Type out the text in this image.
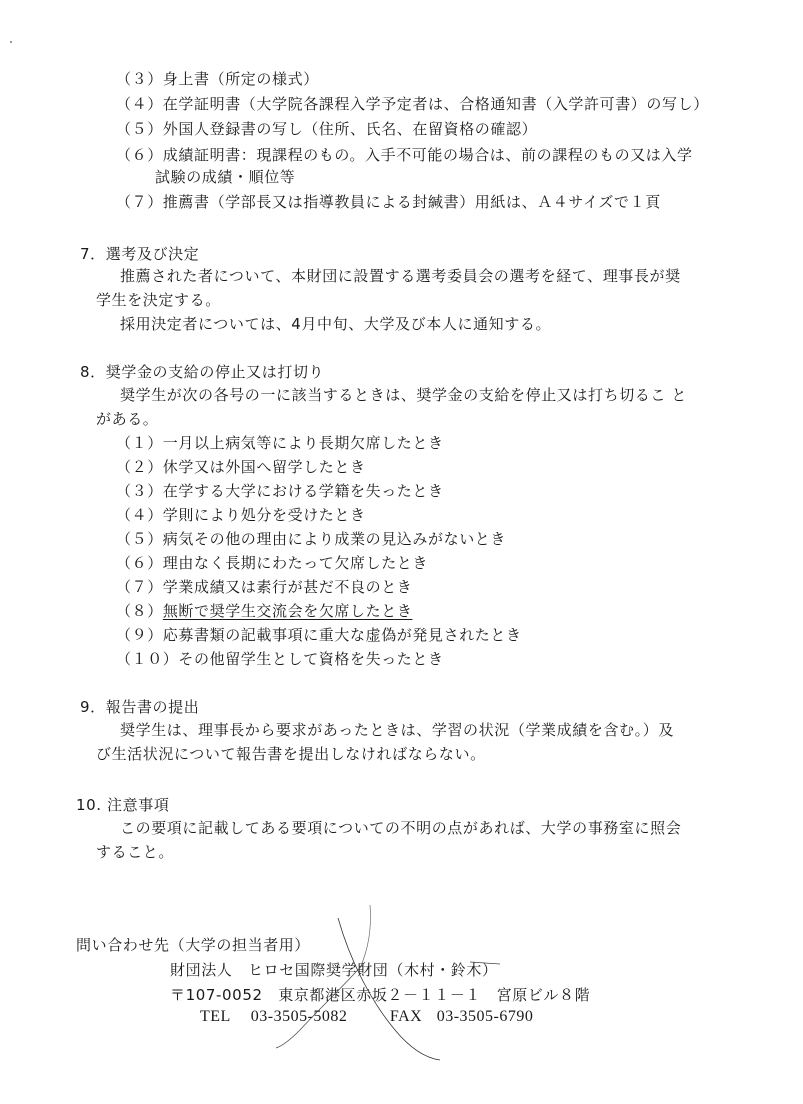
（３）身上書（所定の様式）
（４）在学証明書（大学院各課程入学予定者は、合格通知書（入学許可書）の写し）
（５）外国人登録書の写し（住所、氏名、在留資格の確認）
（６）成績証明書：現課程のもの。入手不可能の場合は、前の課程のもの又は入学
試験の成績・順位等
（７）推薦書（学部長又は指導教員による封緘書）用紙は、Ａ４サイズで１頁
7．選考及び決定
推薦された者について、本財団に設置する選考委員会の選考を経て、理事長が奨
学生を決定する。
採用決定者については、4月中旬、大学及び本人に通知する。
8．奨学金の支給の停止又は打切り
奨学生が次の各号の一に該当するときは、奨学金の支給を停止又は打ち切るこ と
がある。
（１）一月以上病気等により長期欠席したとき
（２）休学又は外国へ留学したとき
（３）在学する大学における学籍を失ったとき
（４）学則により処分を受けたとき
（５）病気その他の理由により成業の見込みがないとき
（６）理由なく長期にわたって欠席したとき
（７）学業成績又は素行が甚だ不良のとき
（８）無断で奨学生交流会を欠席したとき
（９）応募書類の記載事項に重大な虚偽が発見されたとき
（１０）その他留学生として資格を失ったとき
9．報告書の提出
奨学生は、理事長から要求があったときは、学習の状況（学業成績を含む。）及
び生活状況について報告書を提出しなければならない。
10. 注意事項
この要項に記載してある要項についての不明の点があれば、大学の事務室に照会
すること。
問い合わせ先（大学の担当者用）
財団法人　ヒロセ国際奨学財団（木村・鈴木）
〒107-0052　東京都港区赤坂２－１１－１　宮原ビル８階
TEL 03-3505-5082	FAX 03-3505-6790
